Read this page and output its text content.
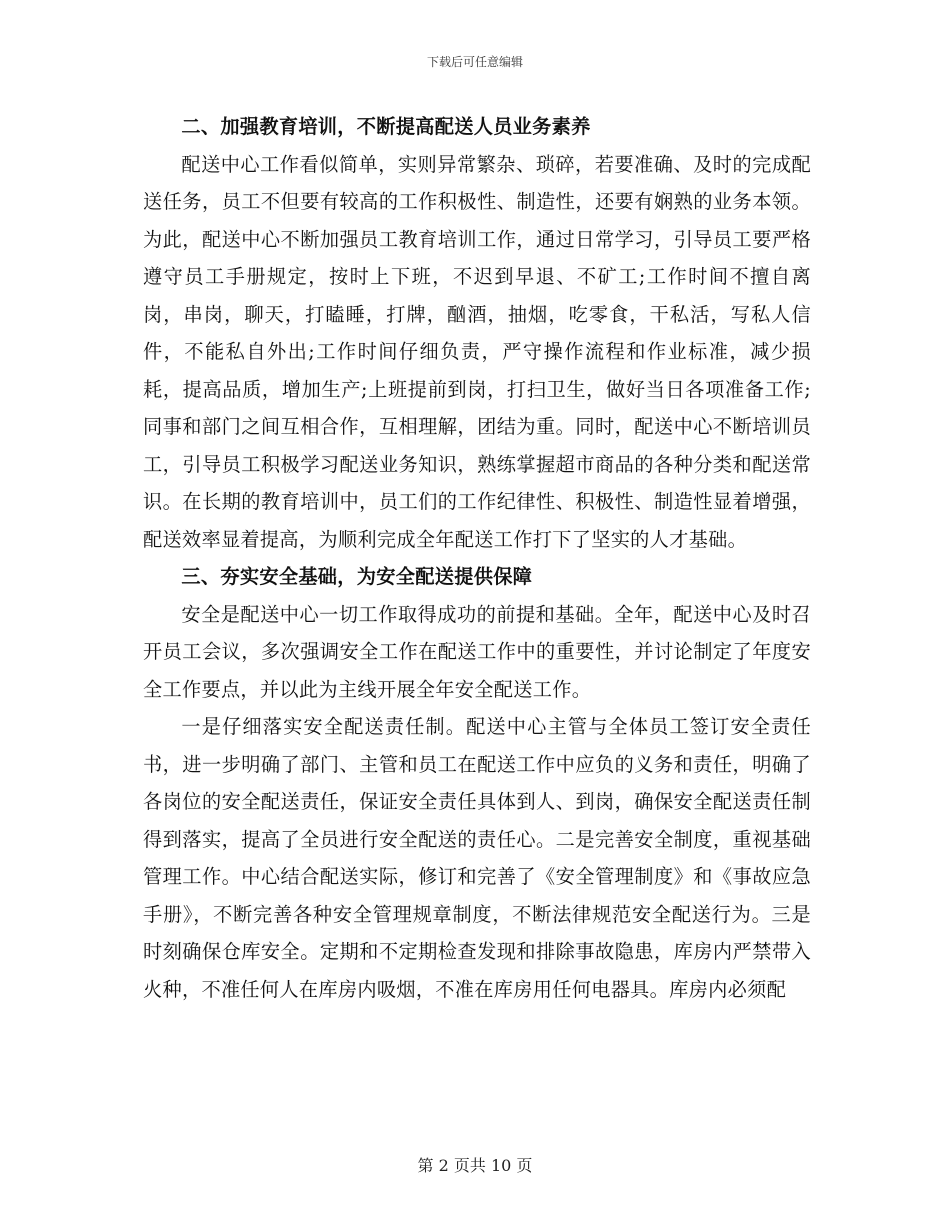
下载后可任意编辑

二、加强教育培训，不断提高配送人员业务素养

配送中心工作看似简单，实则异常繁杂、琐碎，若要准确、及时的完成配送任务，员工不但要有较高的工作积极性、制造性，还要有娴熟的业务本领。为此，配送中心不断加强员工教育培训工作，通过日常学习，引导员工要严格遵守员工手册规定，按时上下班，不迟到早退、不矿工;工作时间不擅自离岗，串岗，聊天，打瞌睡，打牌，酗酒，抽烟，吃零食，干私活，写私人信件，不能私自外出;工作时间仔细负责，严守操作流程和作业标准，减少损耗，提高品质，增加生产;上班提前到岗，打扫卫生，做好当日各项准备工作;同事和部门之间互相合作，互相理解，团结为重。同时，配送中心不断培训员工，引导员工积极学习配送业务知识，熟练掌握超市商品的各种分类和配送常识。在长期的教育培训中，员工们的工作纪律性、积极性、制造性显着增强，配送效率显着提高，为顺利完成全年配送工作打下了坚实的人才基础。

三、夯实安全基础，为安全配送提供保障

安全是配送中心一切工作取得成功的前提和基础。全年，配送中心及时召开员工会议，多次强调安全工作在配送工作中的重要性，并讨论制定了年度安全工作要点，并以此为主线开展全年安全配送工作。

一是仔细落实安全配送责任制。配送中心主管与全体员工签订安全责任书，进一步明确了部门、主管和员工在配送工作中应负的义务和责任，明确了各岗位的安全配送责任，保证安全责任具体到人、到岗，确保安全配送责任制得到落实，提高了全员进行安全配送的责任心。二是完善安全制度，重视基础管理工作。中心结合配送实际，修订和完善了《安全管理制度》和《事故应急手册》，不断完善各种安全管理规章制度，不断法律规范安全配送行为。三是时刻确保仓库安全。定期和不定期检查发现和排除事故隐患，库房内严禁带入火种，不准任何人在库房内吸烟，不准在库房用任何电器具。库房内必须配

第 2 页共 10 页
